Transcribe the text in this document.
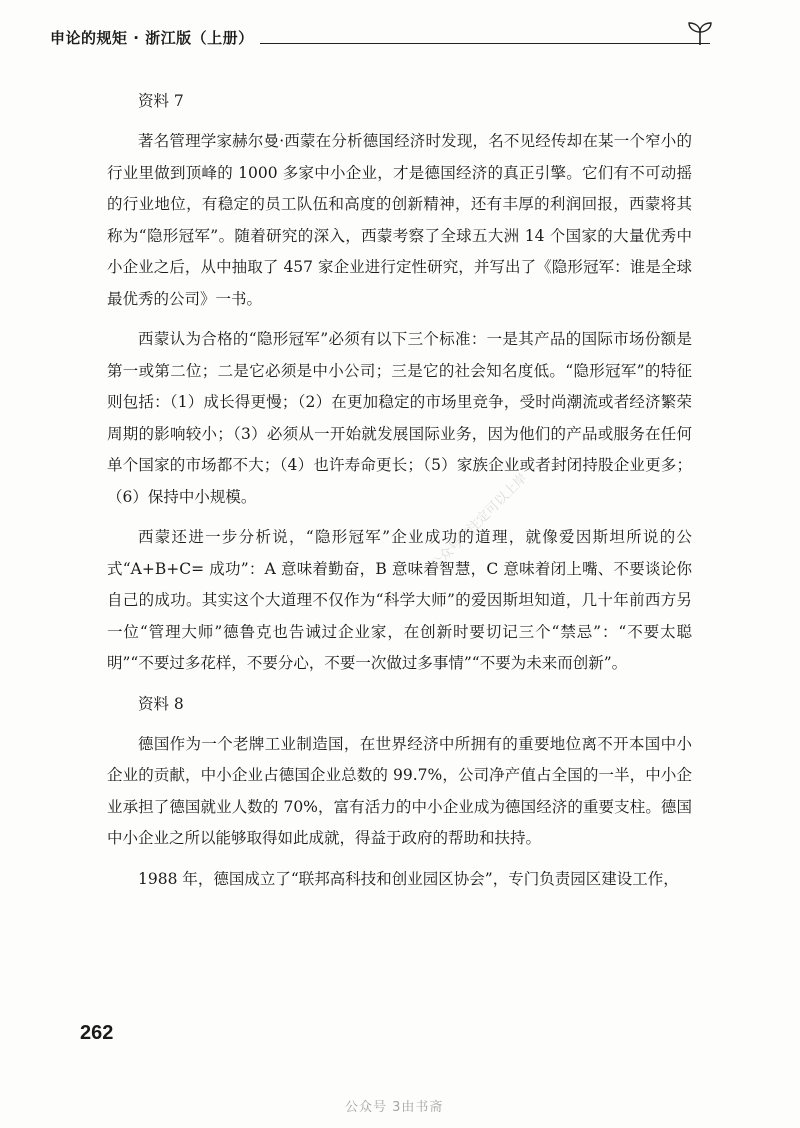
申论的规矩 · 浙江版（上册）
资料 7

著名管理学家赫尔曼·西蒙在分析德国经济时发现，名不见经传却在某一个窄小的行业里做到顶峰的 1000 多家中小企业，才是德国经济的真正引擎。它们有不可动摇的行业地位，有稳定的员工队伍和高度的创新精神，还有丰厚的利润回报，西蒙将其称为“隐形冠军”。随着研究的深入，西蒙考察了全球五大洲 14 个国家的大量优秀中小企业之后，从中抽取了 457 家企业进行定性研究，并写出了《隐形冠军：谁是全球最优秀的公司》一书。

西蒙认为合格的“隐形冠军”必须有以下三个标准：一是其产品的国际市场份额是第一或第二位；二是它必须是中小公司；三是它的社会知名度低。“隐形冠军”的特征则包括：（1）成长得更慢；（2）在更加稳定的市场里竞争，受时尚潮流或者经济繁荣周期的影响较小；（3）必须从一开始就发展国际业务，因为他们的产品或服务在任何单个国家的市场都不大；（4）也许寿命更长；（5）家族企业或者封闭持股企业更多；（6）保持中小规模。

西蒙还进一步分析说，“隐形冠军”企业成功的道理，就像爱因斯坦所说的公式“A+B+C= 成功”：A 意味着勤奋，B 意味着智慧，C 意味着闭上嘴、不要谈论你自己的成功。其实这个大道理不仅作为“科学大师”的爱因斯坦知道，几十年前西方另一位“管理大师”德鲁克也告诫过企业家，在创新时要切记三个“禁忌”：“不要太聪明”“不要过多花样，不要分心，不要一次做过多事情”“不要为未来而创新”。

资料 8

德国作为一个老牌工业制造国，在世界经济中所拥有的重要地位离不开本国中小企业的贡献，中小企业占德国企业总数的 99.7%，公司净产值占全国的一半，中小企业承担了德国就业人数的 70%，富有活力的中小企业成为德国经济的重要支柱。德国中小企业之所以能够取得如此成就，得益于政府的帮助和扶持。

1988 年，德国成立了“联邦高科技和创业园区协会”，专门负责园区建设工作，

公众号你注定可以上岸
262
公众号 3由书斋
